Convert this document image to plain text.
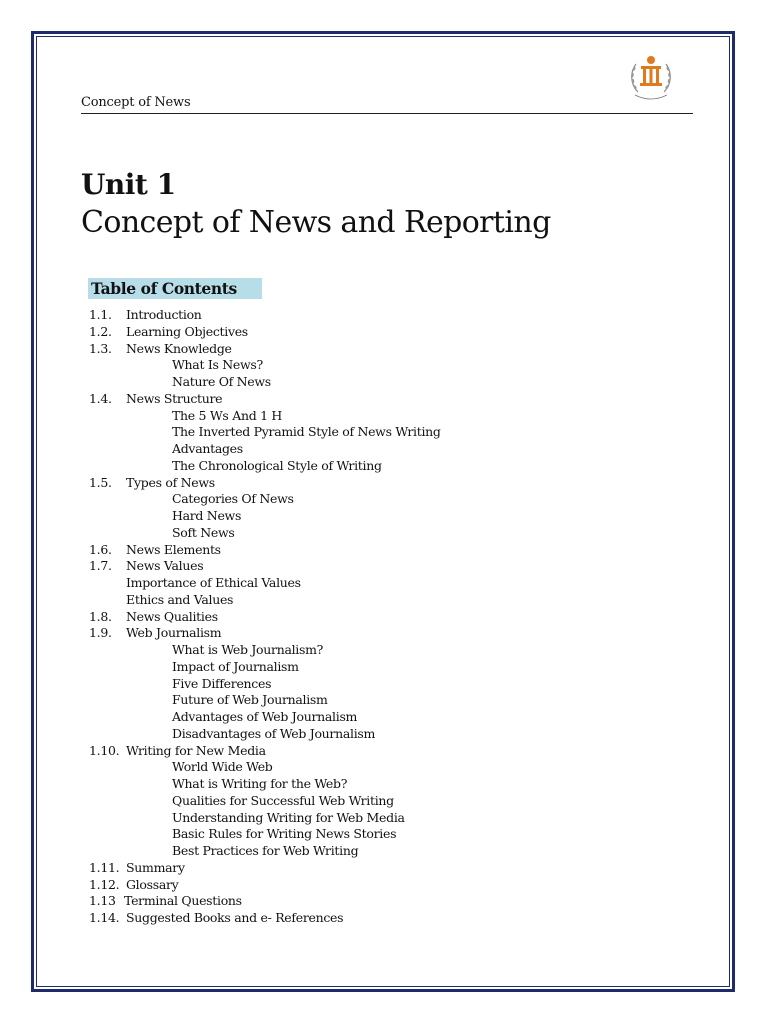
Concept of News
Unit 1
Concept of News and Reporting
Table of Contents
1.1. Introduction
1.2. Learning Objectives
1.3. News Knowledge
What Is News?
Nature Of News
1.4. News Structure
The 5 Ws And 1 H
The Inverted Pyramid Style of News Writing
Advantages
The Chronological Style of Writing
1.5. Types of News
Categories Of News
Hard News
Soft News
1.6. News Elements
1.7. News Values
Importance of Ethical Values
Ethics and Values
1.8. News Qualities
1.9. Web Journalism
What is Web Journalism?
Impact of Journalism
Five Differences
Future of Web Journalism
Advantages of Web Journalism
Disadvantages of Web Journalism
1.10. Writing for New Media
World Wide Web
What is Writing for the Web?
Qualities for Successful Web Writing
Understanding Writing for Web Media
Basic Rules for Writing News Stories
Best Practices for Web Writing
1.11. Summary
1.12. Glossary
1.13 Terminal Questions
1.14. Suggested Books and e- References
